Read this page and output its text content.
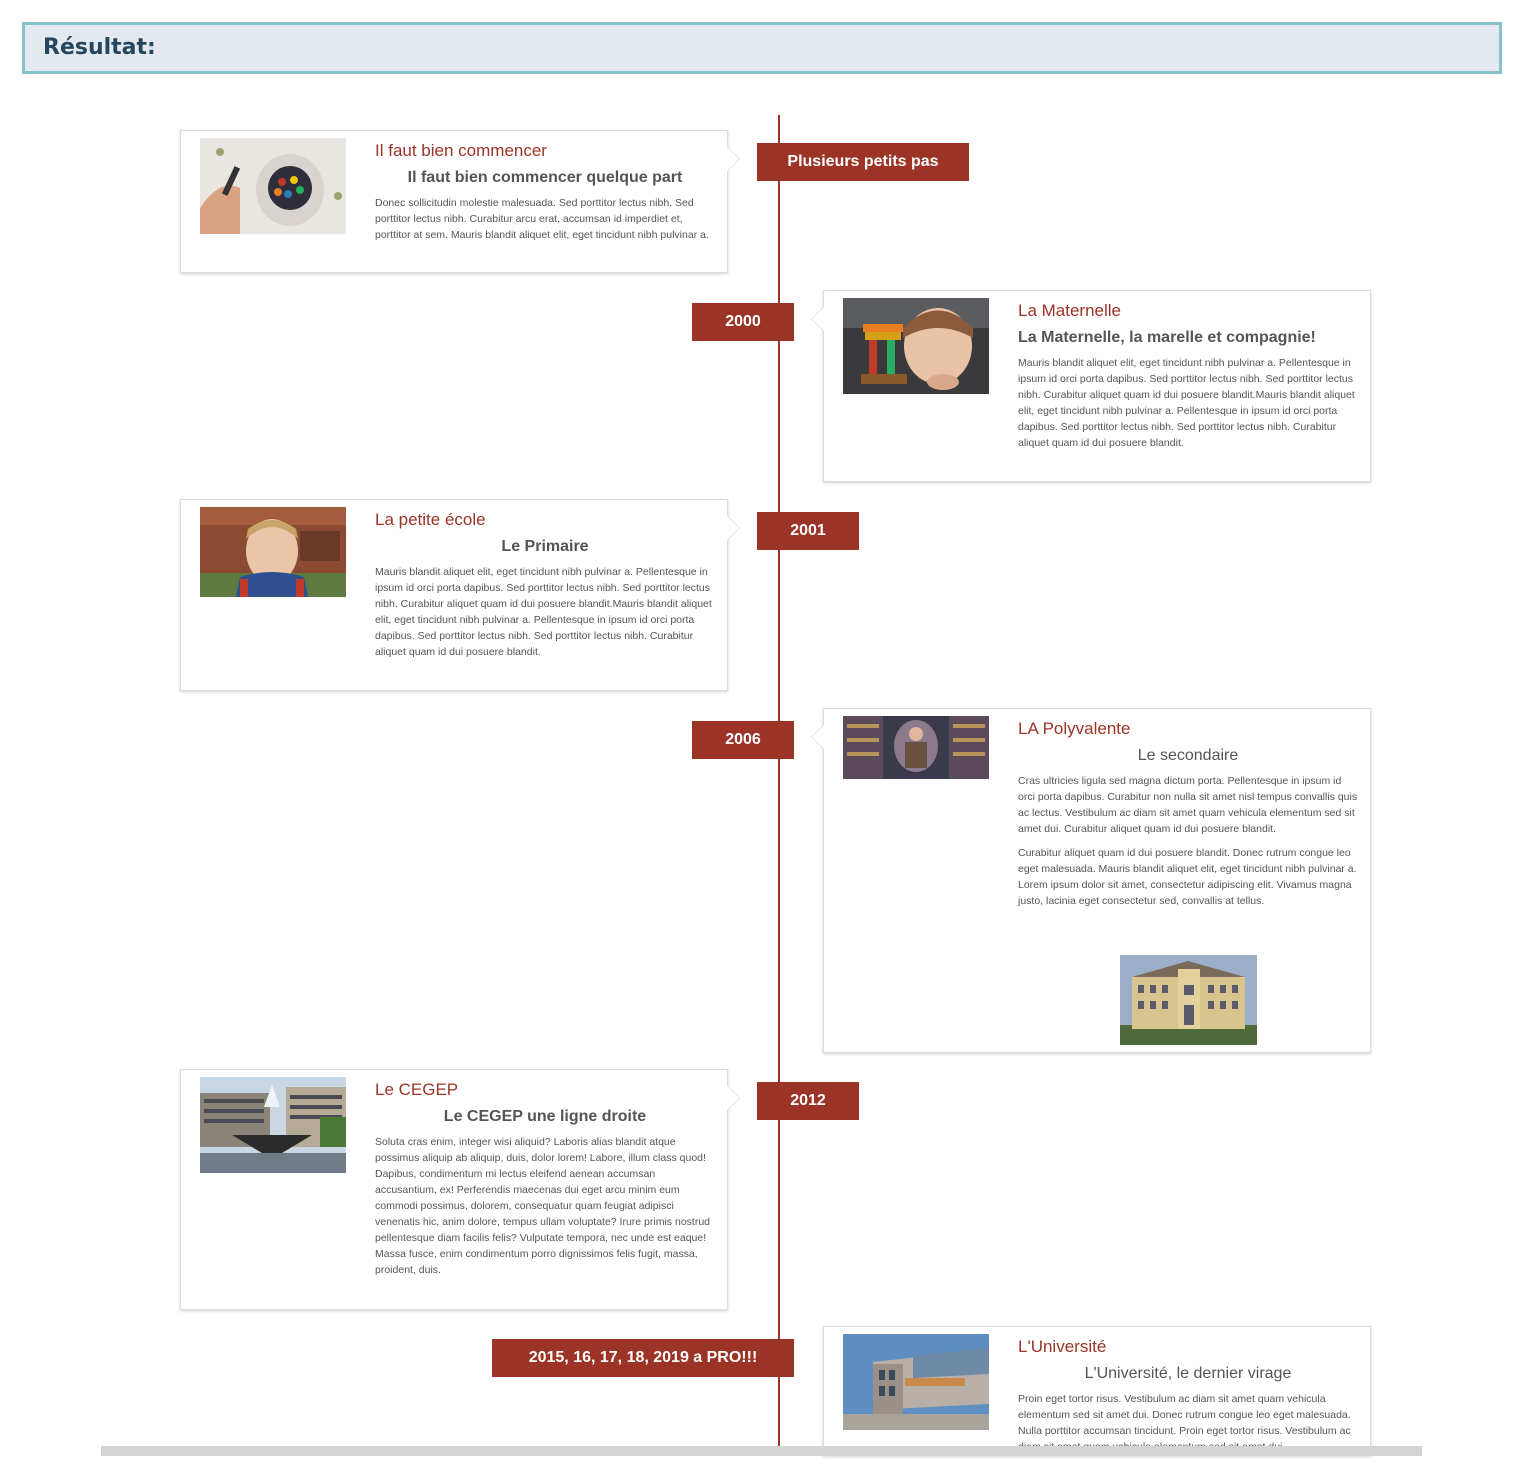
Résultat:
Il faut bien commencer
Il faut bien commencer quelque part
Donec sollicitudin molestie malesuada. Sed porttitor lectus nibh. Sed porttitor lectus nibh. Curabitur arcu erat, accumsan id imperdiet et, porttitor at sem. Mauris blandit aliquet elit, eget tincidunt nibh pulvinar a.
Plusieurs petits pas
La Maternelle
La Maternelle, la marelle et compagnie!
Mauris blandit aliquet elit, eget tincidunt nibh pulvinar a. Pellentesque in ipsum id orci porta dapibus. Sed porttitor lectus nibh. Sed porttitor lectus nibh. Curabitur aliquet quam id dui posuere blandit.Mauris blandit aliquet elit, eget tincidunt nibh pulvinar a. Pellentesque in ipsum id orci porta dapibus. Sed porttitor lectus nibh. Sed porttitor lectus nibh. Curabitur aliquet quam id dui posuere blandit.
2000
La petite école
Le Primaire
Mauris blandit aliquet elit, eget tincidunt nibh pulvinar a. Pellentesque in ipsum id orci porta dapibus. Sed porttitor lectus nibh. Sed porttitor lectus nibh. Curabitur aliquet quam id dui posuere blandit.Mauris blandit aliquet elit, eget tincidunt nibh pulvinar a. Pellentesque in ipsum id orci porta dapibus. Sed porttitor lectus nibh. Sed porttitor lectus nibh. Curabitur aliquet quam id dui posuere blandit.
2001
LA Polyvalente
Le secondaire
Cras ultricies ligula sed magna dictum porta. Pellentesque in ipsum id orci porta dapibus. Curabitur non nulla sit amet nisl tempus convallis quis ac lectus. Vestibulum ac diam sit amet quam vehicula elementum sed sit amet dui. Curabitur aliquet quam id dui posuere blandit.
Curabitur aliquet quam id dui posuere blandit. Donec rutrum congue leo eget malesuada. Mauris blandit aliquet elit, eget tincidunt nibh pulvinar a. Lorem ipsum dolor sit amet, consectetur adipiscing elit. Vivamus magna justo, lacinia eget consectetur sed, convallis at tellus.
2006
Le CEGEP
Le CEGEP une ligne droite
Soluta cras enim, integer wisi aliquid? Laboris alias blandit atque possimus aliquip ab aliquip, duis, dolor lorem! Labore, illum class quod! Dapibus, condimentum mi lectus eleifend aenean accumsan accusantium, ex! Perferendis maecenas dui eget arcu minim eum commodi possimus, dolorem, consequatur quam feugiat adipisci venenatis hic, anim dolore, tempus ullam voluptate? Irure primis nostrud pellentesque diam facilis felis? Vulputate tempora, nec unde est eaque! Massa fusce, enim condimentum porro dignissimos felis fugit, massa, proident, duis.
2012
L'Université
L'Université, le dernier virage
Proin eget tortor risus. Vestibulum ac diam sit amet quam vehicula elementum sed sit amet dui. Donec rutrum congue leo eget malesuada. Nulla porttitor accumsan tincidunt. Proin eget tortor risus. Vestibulum ac
2015, 16, 17, 18, 2019 a PRO!!!
